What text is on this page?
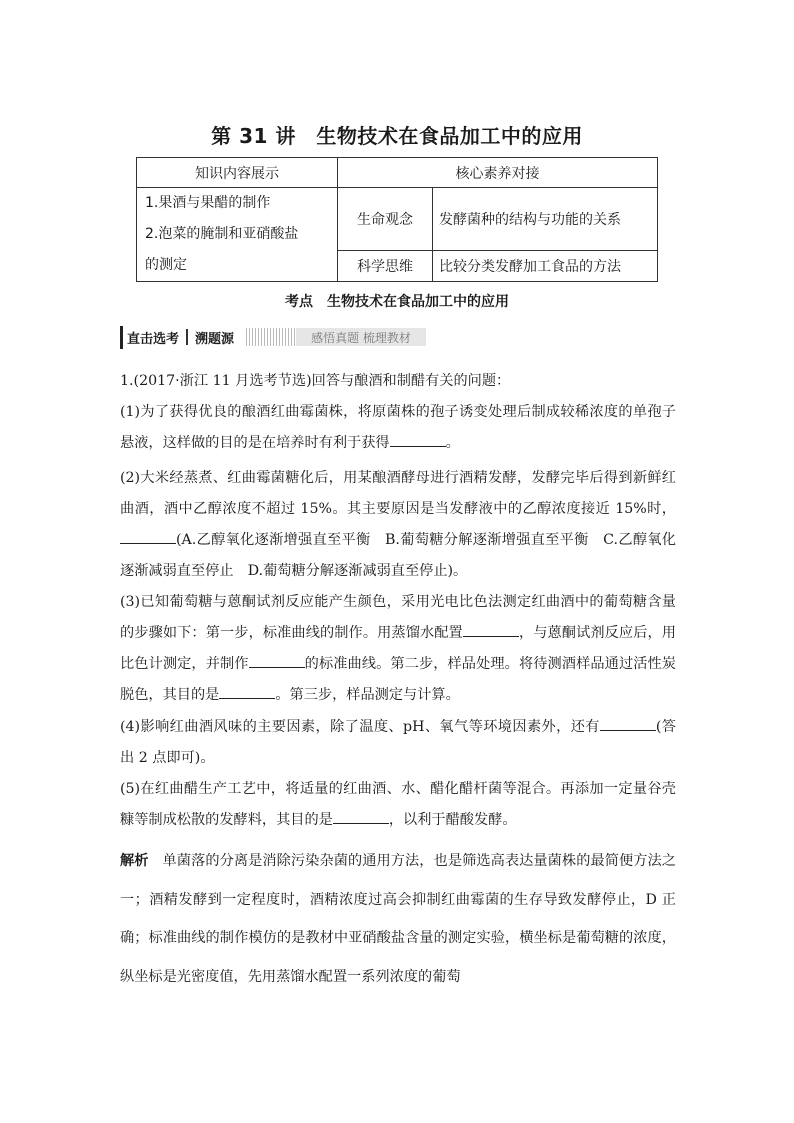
第 31 讲　生物技术在食品加工中的应用
知识内容展示	核心素养对接	

1.果酒与果醋的制作
2.泡菜的腌制和亚硝酸盐
的测定	生命观念	发酵菌种的结构与功能的关系
	科学思维	比较分类发酵加工食品的方法
考点　生物技术在食品加工中的应用
直击选考	溯题源	感悟真题 梳理教材

1.(2017·浙江 11 月选考节选)回答与酿酒和制醋有关的问题：

(1)为了获得优良的酿酒红曲霉菌株，将原菌株的孢子诱变处理后制成较稀浓度的单孢子悬液，这样做的目的是在培养时有利于获得	。

(2)大米经蒸煮、红曲霉菌糖化后，用某酿酒酵母进行酒精发酵，发酵完毕后得到新鲜红曲酒，酒中乙醇浓度不超过 15%。其主要原因是当发酵液中的乙醇浓度接近 15%时，(A.乙醇氧化逐渐增强直至平衡　B.葡萄糖分解逐渐增强直至平衡　C.乙醇氧化逐渐减弱直至停止　D.葡萄糖分解逐渐减弱直至停止)。

(3)已知葡萄糖与蒽酮试剂反应能产生颜色，采用光电比色法测定红曲酒中的葡萄糖含量的步骤如下：第一步，标准曲线的制作。用蒸馏水配置	，与蒽酮试剂反应后，用比色计测定，并制作	的标准曲线。第二步，样品处理。将待测酒样品通过活性炭脱色，其目的是	。第三步，样品测定与计算。

(4)影响红曲酒风味的主要因素，除了温度、pH、氧气等环境因素外，还有	(答出 2 点即可)。

(5)在红曲醋生产工艺中，将适量的红曲酒、水、醋化醋杆菌等混合。再添加一定量谷壳糠等制成松散的发酵料，其目的是	，以利于醋酸发酵。

解析 单菌落的分离是消除污染杂菌的通用方法，也是筛选高表达量菌株的最简便方法之一；酒精发酵到一定程度时，酒精浓度过高会抑制红曲霉菌的生存导致发酵停止，D 正确；标准曲线的制作模仿的是教材中亚硝酸盐含量的测定实验，横坐标是葡萄糖的浓度，纵坐标是光密度值，先用蒸馏水配置一系列浓度的葡萄
